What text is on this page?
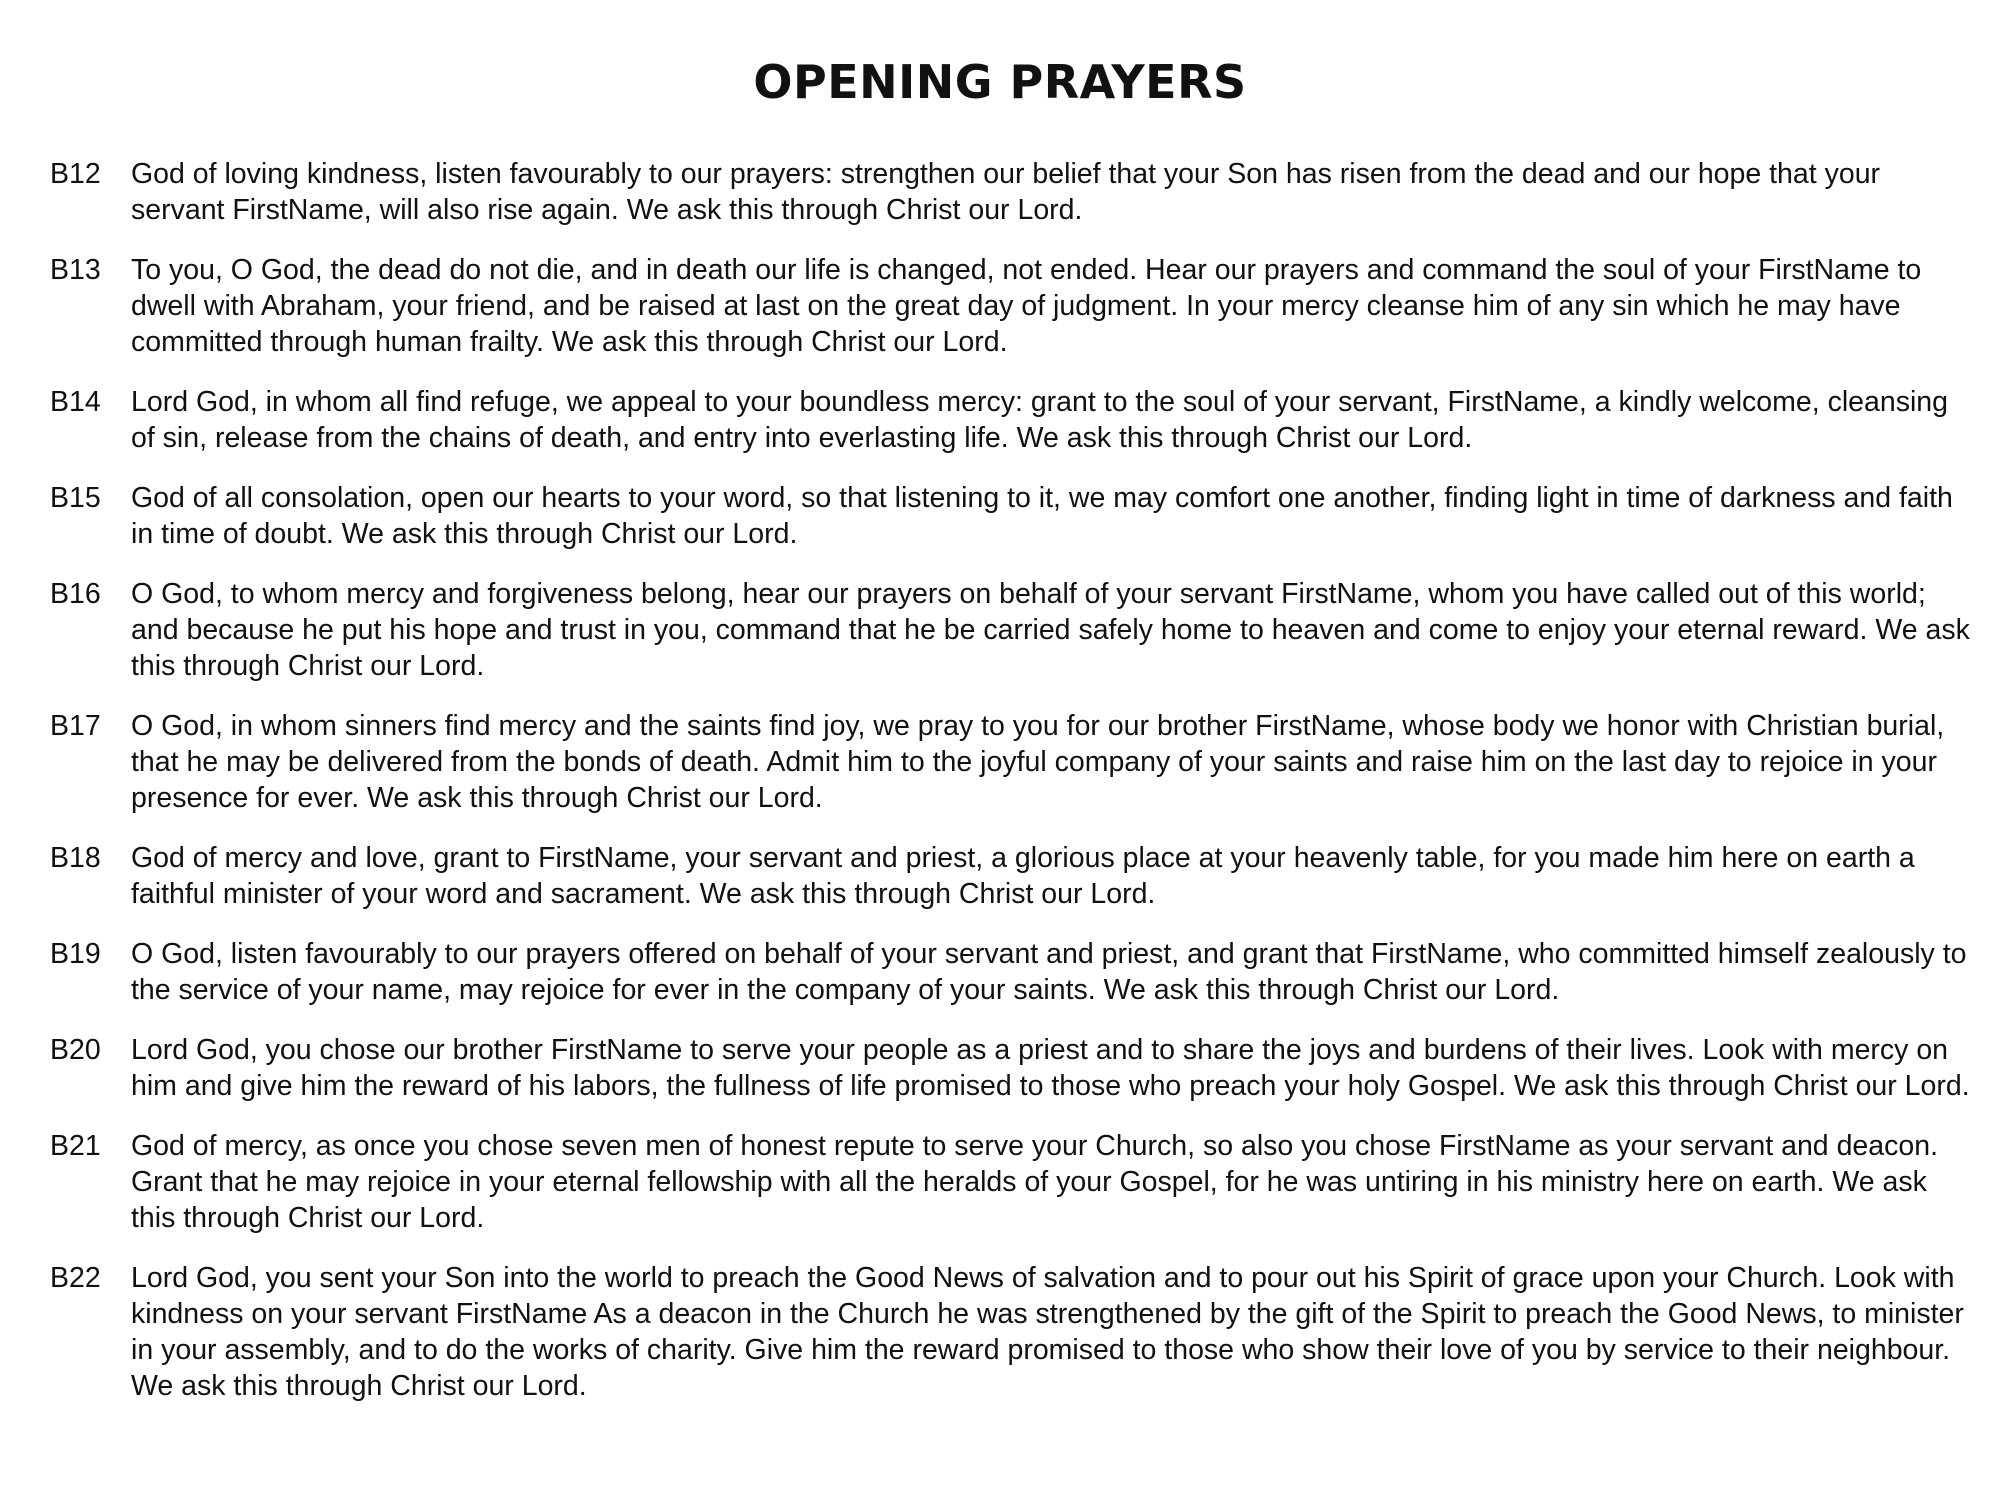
OPENING PRAYERS
B12	God of loving kindness, listen favourably to our prayers: strengthen our belief that your Son has risen from the dead and our hope that your servant FirstName, will also rise again. We ask this through Christ our Lord.
B13	To you, O God, the dead do not die, and in death our life is changed, not ended. Hear our prayers and command the soul of your FirstName to dwell with Abraham, your friend, and be raised at last on the great day of judgment. In your mercy cleanse him of any sin which he may have committed through human frailty. We ask this through Christ our Lord.
B14	Lord God, in whom all find refuge, we appeal to your boundless mercy: grant to the soul of your servant, FirstName, a kindly welcome, cleansing of sin, release from the chains of death, and entry into everlasting life. We ask this through Christ our Lord.
B15	God of all consolation, open our hearts to your word, so that listening to it, we may comfort one another, finding light in time of darkness and faith in time of doubt. We ask this through Christ our Lord.
B16	O God, to whom mercy and forgiveness belong, hear our prayers on behalf of your servant FirstName, whom you have called out of this world; and because he put his hope and trust in you, command that he be carried safely home to heaven and come to enjoy your eternal reward. We ask this through Christ our Lord.
B17	O God, in whom sinners find mercy and the saints find joy, we pray to you for our brother FirstName, whose body we honor with Christian burial, that he may be delivered from the bonds of death. Admit him to the joyful company of your saints and raise him on the last day to rejoice in your presence for ever. We ask this through Christ our Lord.
B18	God of mercy and love, grant to FirstName, your servant and priest, a glorious place at your heavenly table, for you made him here on earth a faithful minister of your word and sacrament. We ask this through Christ our Lord.
B19	O God, listen favourably to our prayers offered on behalf of your servant and priest, and grant that FirstName, who committed himself zealously to the service of your name, may rejoice for ever in the company of your saints. We ask this through Christ our Lord.
B20	Lord God, you chose our brother FirstName to serve your people as a priest and to share the joys and burdens of their lives. Look with mercy on him and give him the reward of his labors, the fullness of life promised to those who preach your holy Gospel. We ask this through Christ our Lord.
B21	God of mercy, as once you chose seven men of honest repute to serve your Church, so also you chose FirstName as your servant and deacon. Grant that he may rejoice in your eternal fellowship with all the heralds of your Gospel, for he was untiring in his ministry here on earth. We ask this through Christ our Lord.
B22	Lord God, you sent your Son into the world to preach the Good News of salvation and to pour out his Spirit of grace upon your Church. Look with kindness on your servant FirstName As a deacon in the Church he was strengthened by the gift of the Spirit to preach the Good News, to minister in your assembly, and to do the works of charity. Give him the reward promised to those who show their love of you by service to their neighbour. We ask this through Christ our Lord.
